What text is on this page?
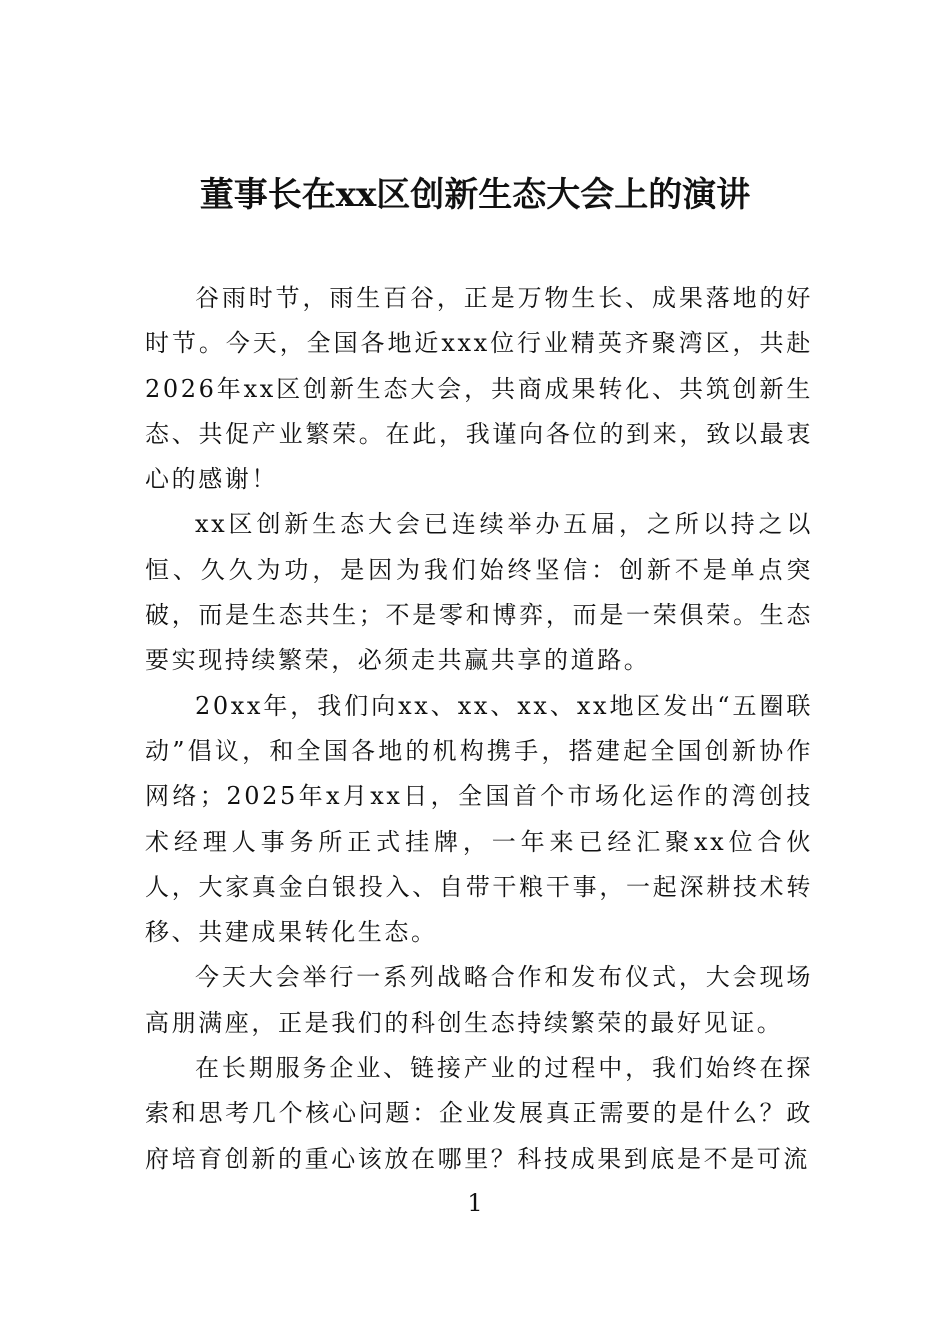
董事长在xx区创新生态大会上的演讲

谷雨时节，雨生百谷，正是万物生长、成果落地的好时节。今天，全国各地近xxx位行业精英齐聚湾区，共赴2026年xx区创新生态大会，共商成果转化、共筑创新生态、共促产业繁荣。在此，我谨向各位的到来，致以最衷心的感谢！

xx区创新生态大会已连续举办五届，之所以持之以恒、久久为功，是因为我们始终坚信：创新不是单点突破，而是生态共生；不是零和博弈，而是一荣俱荣。生态要实现持续繁荣，必须走共赢共享的道路。

20xx年，我们向xx、xx、xx、xx地区发出“五圈联动”倡议，和全国各地的机构携手，搭建起全国创新协作网络；2025年x月xx日，全国首个市场化运作的湾创技术经理人事务所正式挂牌，一年来已经汇聚xx位合伙人，大家真金白银投入、自带干粮干事，一起深耕技术转移、共建成果转化生态。

今天大会举行一系列战略合作和发布仪式，大会现场高朋满座，正是我们的科创生态持续繁荣的最好见证。

在长期服务企业、链接产业的过程中，我们始终在探索和思考几个核心问题：企业发展真正需要的是什么？政府培育创新的重心该放在哪里？科技成果到底是不是可流

1
